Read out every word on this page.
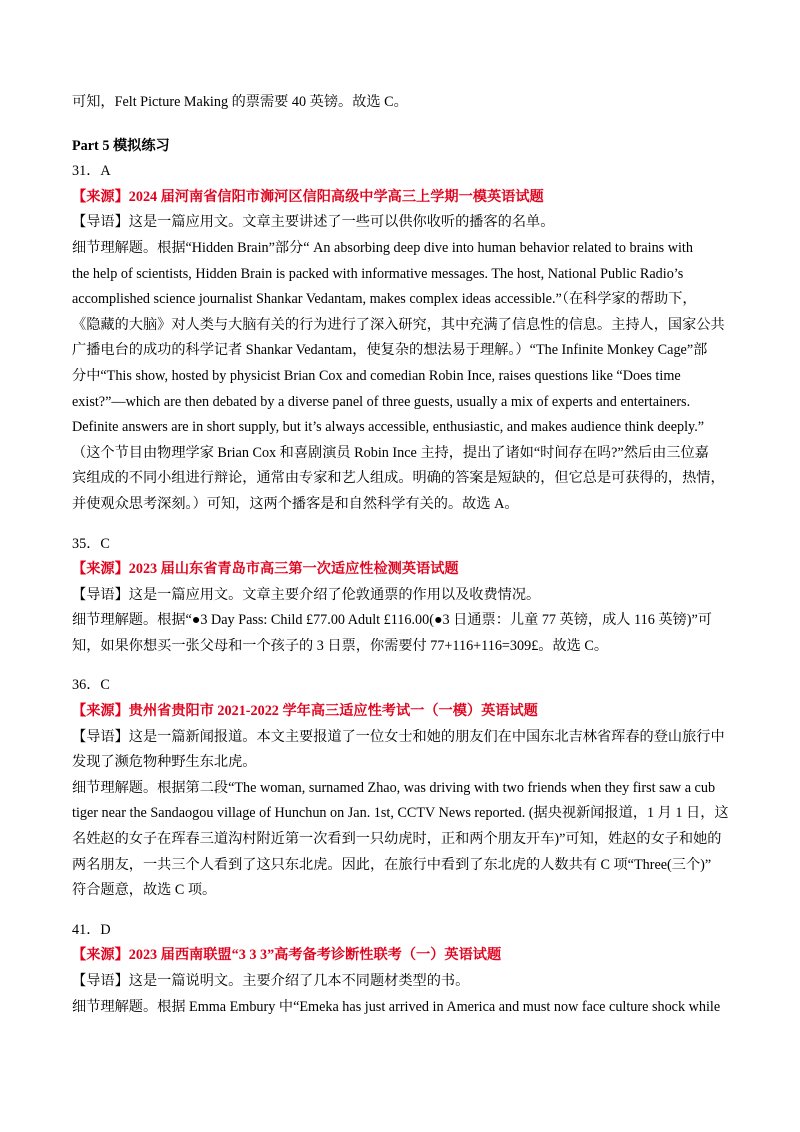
可知，Felt Picture Making 的票需要 40 英镑。故选 C。
Part 5 模拟练习
31．A
【来源】2024 届河南省信阳市浉河区信阳高级中学高三上学期一模英语试题
【导语】这是一篇应用文。文章主要讲述了一些可以供你收听的播客的名单。
细节理解题。根据“Hidden Brain”部分“ An absorbing deep dive into human behavior related to brains with
the help of scientists, Hidden Brain is packed with informative messages. The host, National Public Radio’s
accomplished science journalist Shankar Vedantam, makes complex ideas accessible.”（在科学家的帮助下，
《隐藏的大脑》对人类与大脑有关的行为进行了深入研究，其中充满了信息性的信息。主持人，国家公共
广播电台的成功的科学记者 Shankar Vedantam，使复杂的想法易于理解。）“The Infinite Monkey Cage”部
分中“This show, hosted by physicist Brian Cox and comedian Robin Ince, raises questions like “Does time
exist?”—which are then debated by a diverse panel of three guests, usually a mix of experts and entertainers.
Definite answers are in short supply, but it’s always accessible, enthusiastic, and makes audience think deeply.”
（这个节目由物理学家 Brian Cox 和喜剧演员 Robin Ince 主持，提出了诸如“时间存在吗?”然后由三位嘉
宾组成的不同小组进行辩论，通常由专家和艺人组成。明确的答案是短缺的，但它总是可获得的，热情，
并使观众思考深刻。）可知，这两个播客是和自然科学有关的。故选 A。
35．C
【来源】2023 届山东省青岛市高三第一次适应性检测英语试题
【导语】这是一篇应用文。文章主要介绍了伦敦通票的作用以及收费情况。
细节理解题。根据“●3 Day Pass: Child £77.00 Adult £116.00(●3 日通票：儿童 77 英镑，成人 116 英镑)”可
知，如果你想买一张父母和一个孩子的 3 日票，你需要付 77+116+116=309£。故选 C。
36．C
【来源】贵州省贵阳市 2021-2022 学年高三适应性考试一（一模）英语试题
【导语】这是一篇新闻报道。本文主要报道了一位女士和她的朋友们在中国东北吉林省珲春的登山旅行中
发现了濒危物种野生东北虎。
细节理解题。根据第二段“The woman, surnamed Zhao, was driving with two friends when they first saw a cub
tiger near the Sandaogou village of Hunchun on Jan. 1st, CCTV News reported. (据央视新闻报道，1 月 1 日，这
名姓赵的女子在珲春三道沟村附近第一次看到一只幼虎时，正和两个朋友开车)”可知，姓赵的女子和她的
两名朋友，一共三个人看到了这只东北虎。因此，在旅行中看到了东北虎的人数共有 C 项“Three(三个)”
符合题意，故选 C 项。
41．D
【来源】2023 届西南联盟“3 3 3”高考备考诊断性联考（一）英语试题
【导语】这是一篇说明文。主要介绍了几本不同题材类型的书。
细节理解题。根据 Emma Embury 中“Emeka has just arrived in America and must now face culture shock while
